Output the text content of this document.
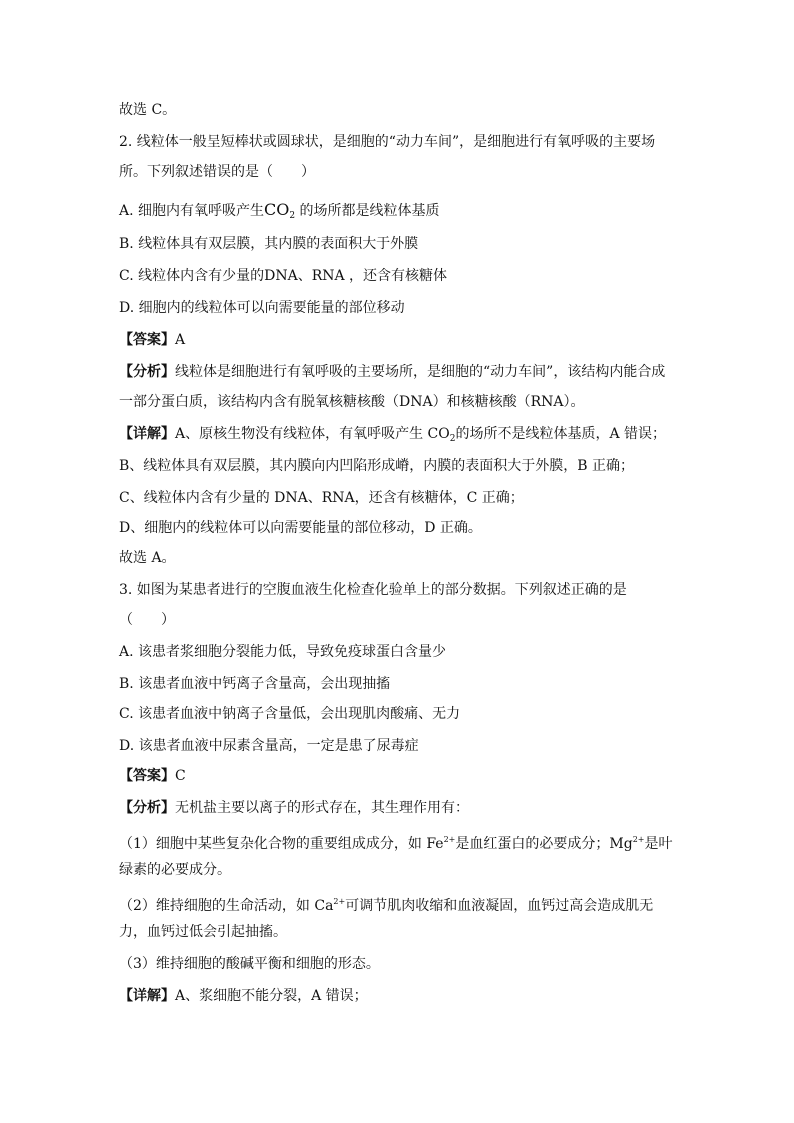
故选 C。

2. 线粒体一般呈短棒状或圆球状，是细胞的“动力车间”，是细胞进行有氧呼吸的主要场

所。下列叙述错误的是（　　）

A. 细胞内有氧呼吸产生$CO_2$ 的场所都是线粒体基质

B. 线粒体具有双层膜，其内膜的表面积大于外膜

C. 线粒体内含有少量的DNA、RNA ，还含有核糖体

D. 细胞内的线粒体可以向需要能量的部位移动

【答案】A

【分析】线粒体是细胞进行有氧呼吸的主要场所，是细胞的“动力车间”，该结构内能合成

一部分蛋白质，该结构内含有脱氧核糖核酸（DNA）和核糖核酸（RNA）。

【详解】A、原核生物没有线粒体，有氧呼吸产生 $CO_2$的场所不是线粒体基质，A 错误；

B、线粒体具有双层膜，其内膜向内凹陷形成嵴，内膜的表面积大于外膜，B 正确；

C、线粒体内含有少量的 DNA、RNA，还含有核糖体，C 正确；

D、细胞内的线粒体可以向需要能量的部位移动，D 正确。

故选 A。

3. 如图为某患者进行的空腹血液生化检查化验单上的部分数据。下列叙述正确的是

（　　）

A. 该患者浆细胞分裂能力低，导致免疫球蛋白含量少

B. 该患者血液中钙离子含量高，会出现抽搐

C. 该患者血液中钠离子含量低，会出现肌肉酸痛、无力

D. 该患者血液中尿素含量高，一定是患了尿毒症

【答案】C

【分析】无机盐主要以离子的形式存在，其生理作用有：

（1）细胞中某些复杂化合物的重要组成成分，如 $Fe^{2+}$是血红蛋白的必要成分；$Mg^{2+}$是叶

绿素的必要成分。

（2）维持细胞的生命活动，如 $Ca^{2+}$可调节肌肉收缩和血液凝固，血钙过高会造成肌无

力，血钙过低会引起抽搐。

（3）维持细胞的酸碱平衡和细胞的形态。

【详解】A、浆细胞不能分裂，A 错误；
